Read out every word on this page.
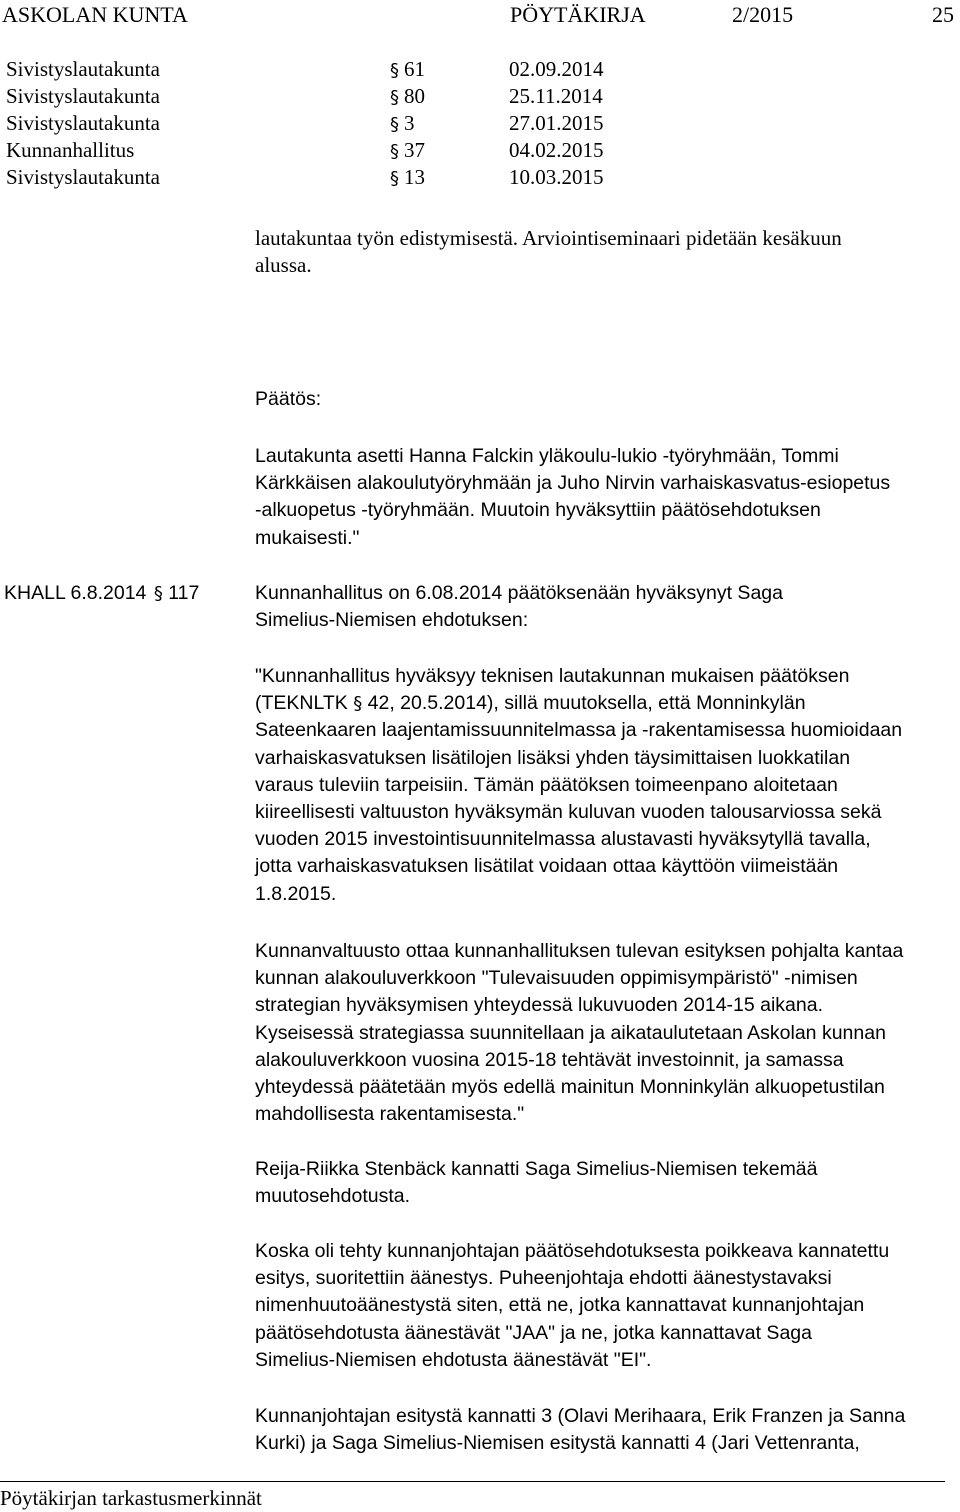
ASKOLAN KUNTA	PÖYTÄKIRJA	2/2015	25
Sivistyslautakunta	§ 61	02.09.2014
Sivistyslautakunta	§ 80	25.11.2014
Sivistyslautakunta	§ 3	27.01.2015
Kunnanhallitus	§ 37	04.02.2015
Sivistyslautakunta	§ 13	10.03.2015
lautakuntaa työn edistymisestä. Arviointiseminaari pidetään kesäkuun
alussa.
Päätös:
Lautakunta asetti Hanna Falckin yläkoulu-lukio -työryhmään, Tommi
Kärkkäisen alakoulutyöryhmään ja Juho Nirvin varhaiskasvatus-esiopetus
-alkuopetus -työryhmään. Muutoin hyväksyttiin päätösehdotuksen
mukaisesti."
KHALL 6.8.2014 § 117	Kunnanhallitus on 6.08.2014 päätöksenään hyväksynyt Saga
Simelius-Niemisen ehdotuksen:
"Kunnanhallitus hyväksyy teknisen lautakunnan mukaisen päätöksen
(TEKNLTK § 42, 20.5.2014), sillä muutoksella, että Monninkylän
Sateenkaaren laajentamissuunnitelmassa ja -rakentamisessa huomioidaan
varhaiskasvatuksen lisätilojen lisäksi yhden täysimittaisen luokkatilan
varaus tuleviin tarpeisiin. Tämän päätöksen toimeenpano aloitetaan
kiireellisesti valtuuston hyväksymän kuluvan vuoden talousarviossa sekä
vuoden 2015 investointisuunnitelmassa alustavasti hyväksytyllä tavalla,
jotta varhaiskasvatuksen lisätilat voidaan ottaa käyttöön viimeistään
1.8.2015.
Kunnanvaltuusto ottaa kunnanhallituksen tulevan esityksen pohjalta kantaa
kunnan alakouluverkkoon "Tulevaisuuden oppimisympäristö" -nimisen
strategian hyväksymisen yhteydessä lukuvuoden 2014-15 aikana.
Kyseisessä strategiassa suunnitellaan ja aikataulutetaan Askolan kunnan
alakouluverkkoon vuosina 2015-18 tehtävät investoinnit, ja samassa
yhteydessä päätetään myös edellä mainitun Monninkylän alkuopetustilan
mahdollisesta rakentamisesta."
Reija-Riikka Stenbäck kannatti Saga Simelius-Niemisen tekemää
muutosehdotusta.
Koska oli tehty kunnanjohtajan päätösehdotuksesta poikkeava kannatettu
esitys, suoritettiin äänestys. Puheenjohtaja ehdotti äänestystavaksi
nimenhuutoäänestystä siten, että ne, jotka kannattavat kunnanjohtajan
päätösehdotusta äänestävät "JAA" ja ne, jotka kannattavat Saga
Simelius-Niemisen ehdotusta äänestävät "EI".
Kunnanjohtajan esitystä kannatti 3 (Olavi Merihaara, Erik Franzen ja Sanna
Kurki) ja Saga Simelius-Niemisen esitystä kannatti 4 (Jari Vettenranta,
Pöytäkirjan tarkastusmerkinnät
